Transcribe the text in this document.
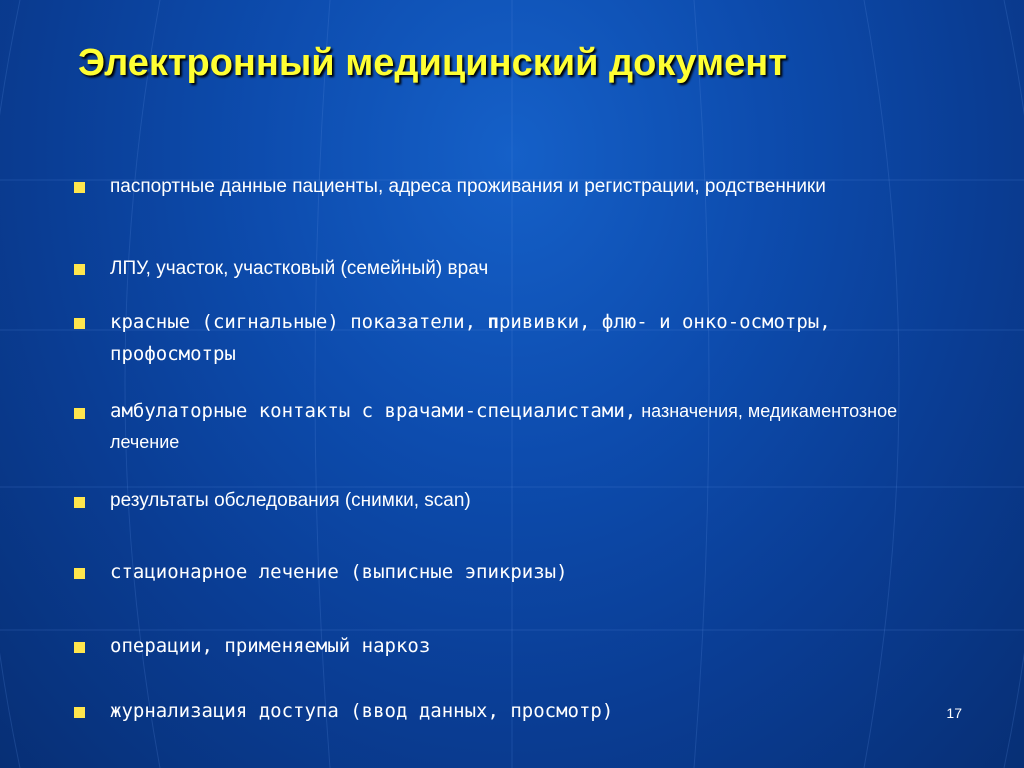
Электронный медицинский документ
паспортные данные пациенты, адреса проживания и регистрации, родственники
ЛПУ, участок, участковый (семейный) врач
красные (сигнальные) показатели, прививки, флю- и онко-осмотры, профосмотры
амбулаторные контакты с врачами-специалистами, назначения, медикаментозное лечение
результаты обследования (снимки, scan)
стационарное лечение (выписные эпикризы)
операции, применяемый наркоз
журнализация доступа (ввод данных, просмотр)	17
